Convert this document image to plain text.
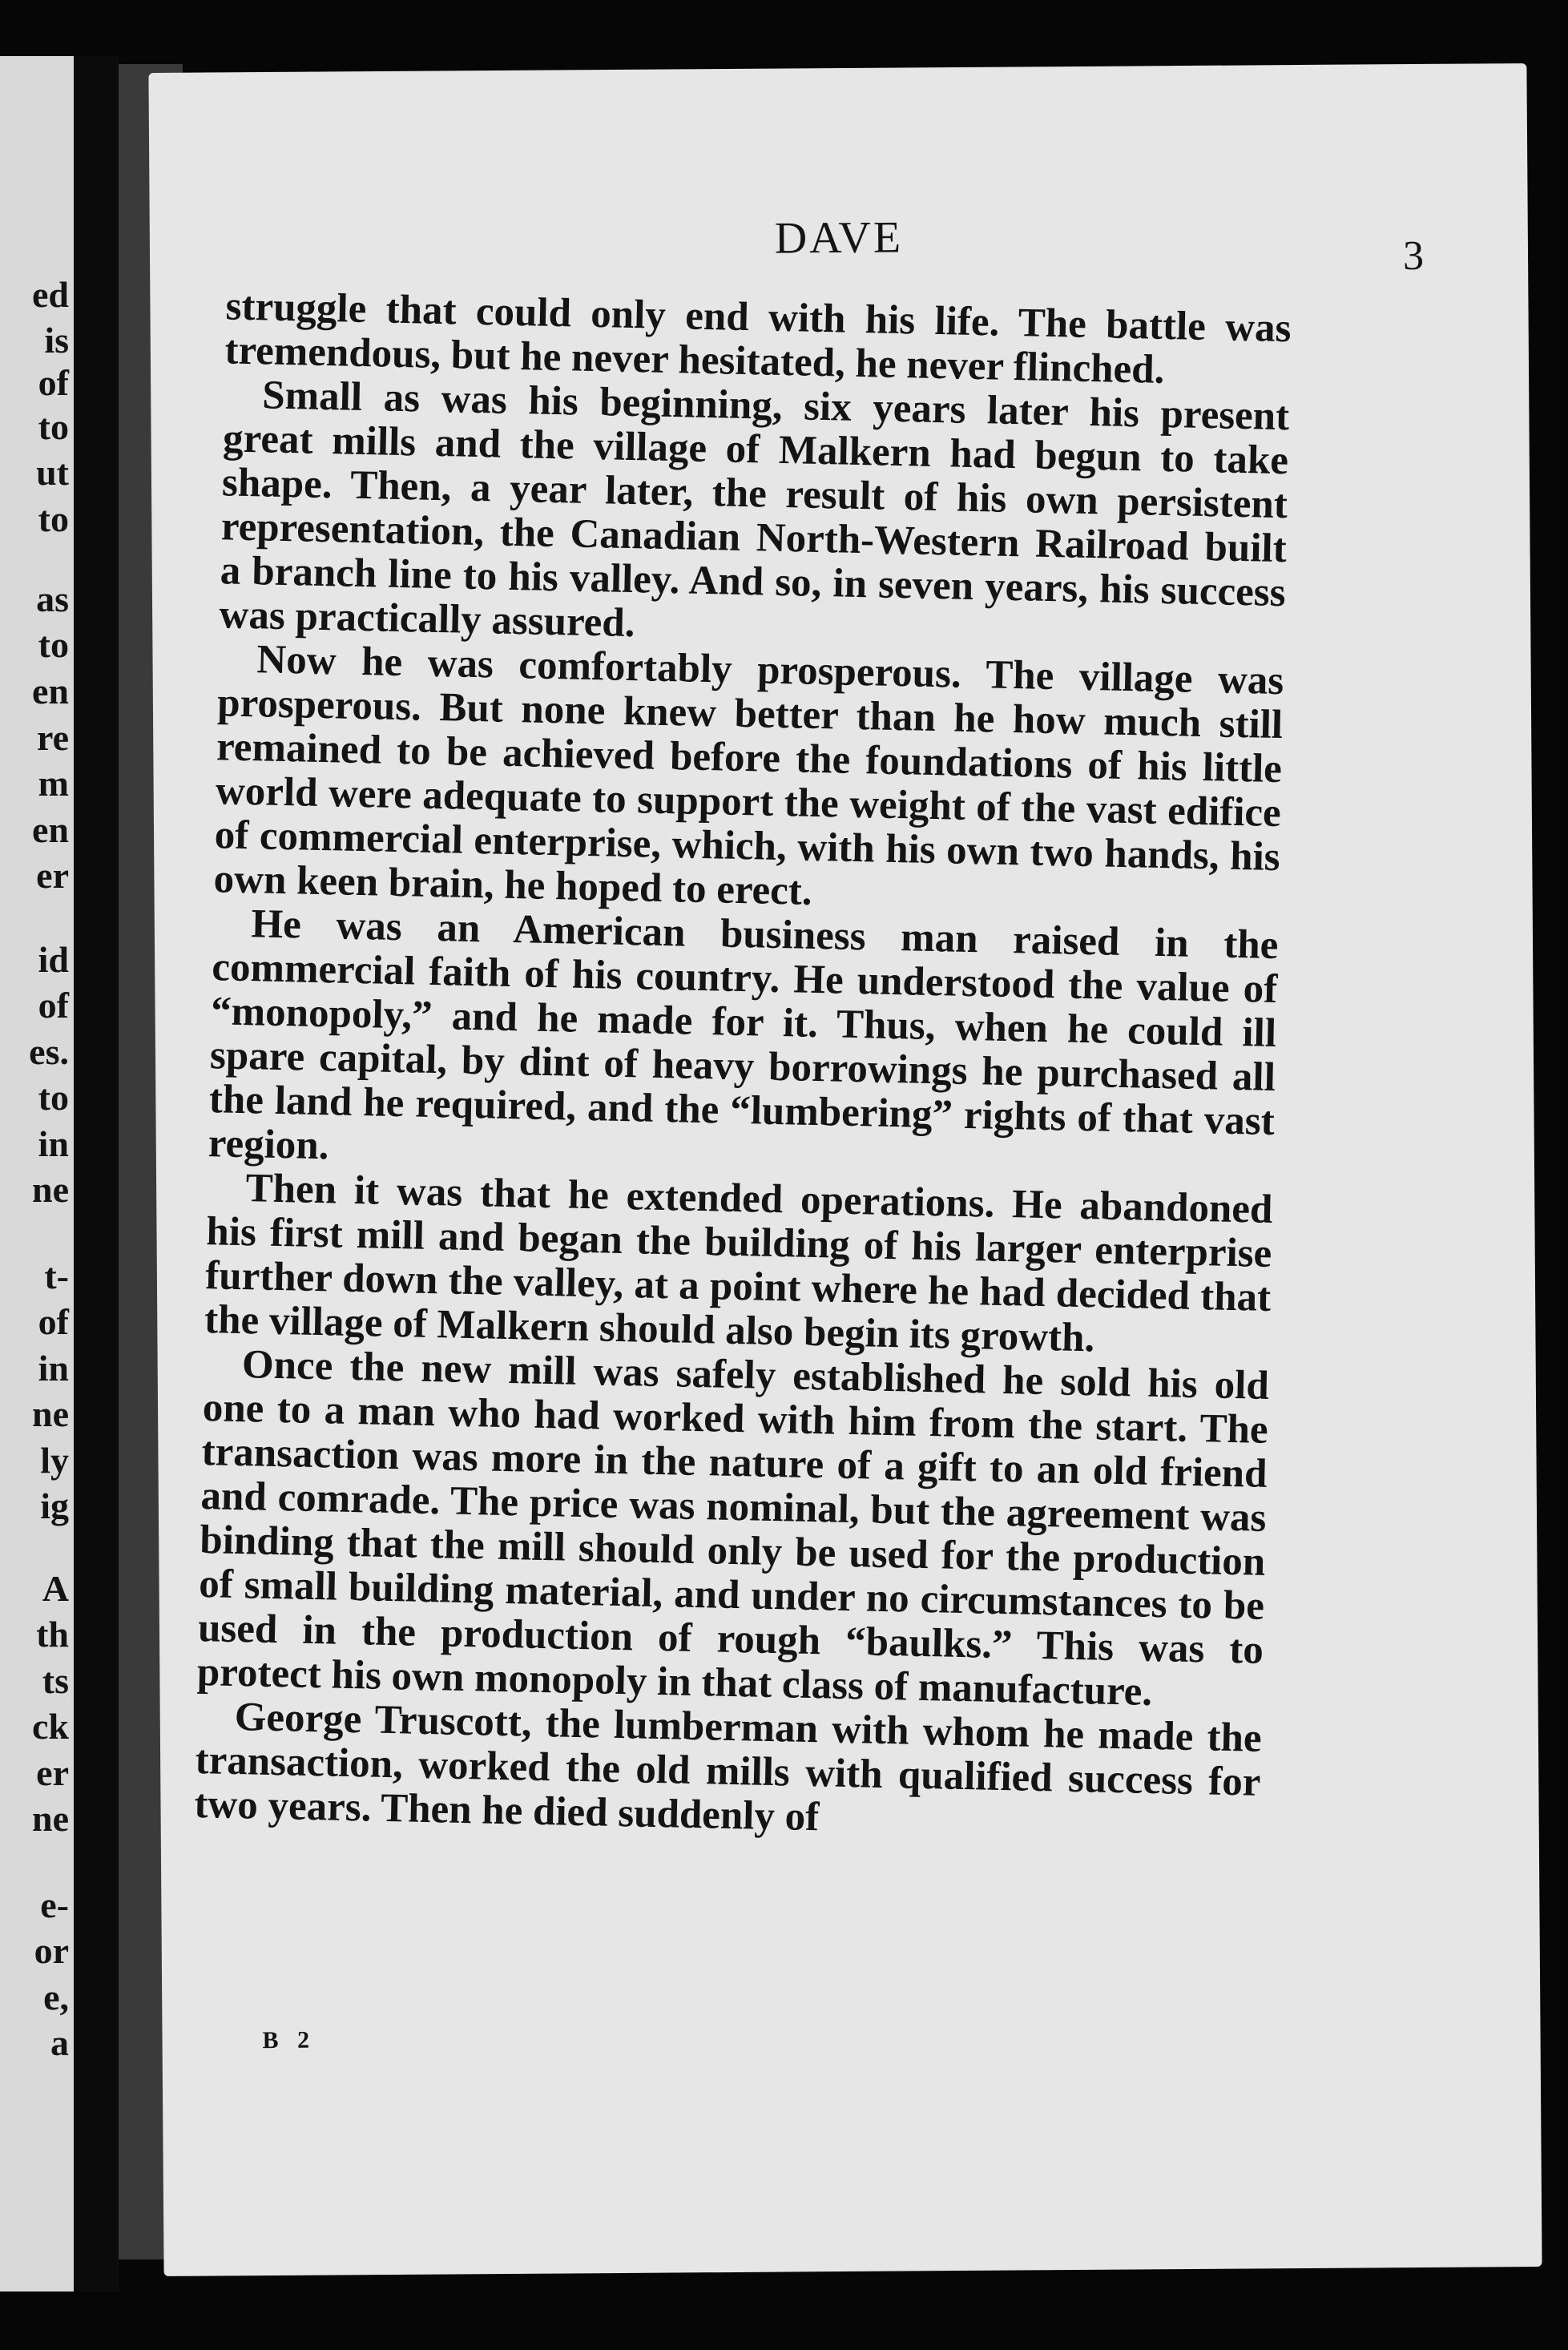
ed
is
of
to
ut
to
as
to
en
re
m
en
er
id
of
es.
to
in
ne
t-
of
in
ne
ly
ig
A
th
ts
ck
er
ne
e-
or
e,
a
DAVE	3

struggle that could only end with his life. The battle was tremendous, but he never hesitated, he never flinched.

Small as was his beginning, six years later his present great mills and the village of Malkern had begun to take shape. Then, a year later, the result of his own persistent representation, the Canadian North-Western Railroad built a branch line to his valley. And so, in seven years, his success was practically assured.

Now he was comfortably prosperous. The village was prosperous. But none knew better than he how much still remained to be achieved before the foundations of his little world were adequate to support the weight of the vast edifice of commercial enterprise, which, with his own two hands, his own keen brain, he hoped to erect.

He was an American business man raised in the commercial faith of his country. He understood the value of “monopoly,” and he made for it. Thus, when he could ill spare capital, by dint of heavy borrowings he purchased all the land he required, and the “lumbering” rights of that vast region.

Then it was that he extended operations. He abandoned his first mill and began the building of his larger enterprise further down the valley, at a point where he had decided that the village of Malkern should also begin its growth.

Once the new mill was safely established he sold his old one to a man who had worked with him from the start. The transaction was more in the nature of a gift to an old friend and comrade. The price was nominal, but the agreement was binding that the mill should only be used for the production of small building material, and under no circumstances to be used in the production of rough “baulks.” This was to protect his own monopoly in that class of manufacture.

George Truscott, the lumberman with whom he made the transaction, worked the old mills with qualified success for two years. Then he died suddenly of

B 2
